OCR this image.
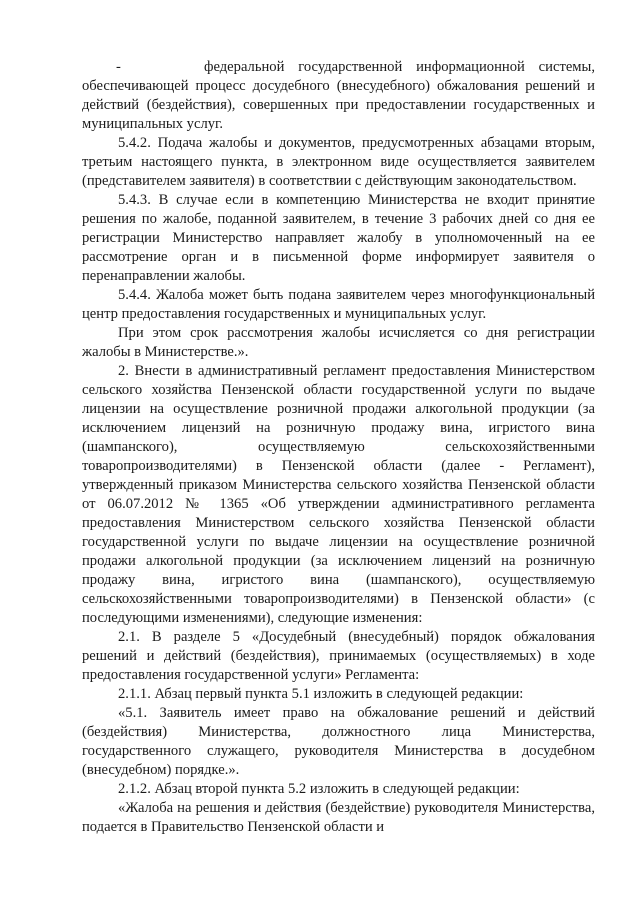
-      федеральной государственной информационной системы, обеспечивающей процесс досудебного (внесудебного) обжалования решений и действий (бездействия), совершенных при предоставлении государственных и муниципальных услуг.

5.4.2. Подача жалобы и документов, предусмотренных абзацами вторым, третьим настоящего пункта, в электронном виде осуществляется заявителем (представителем заявителя) в соответствии с действующим законодательством.

5.4.3. В случае если в компетенцию Министерства не входит принятие решения по жалобе, поданной заявителем, в течение 3 рабочих дней со дня ее регистрации Министерство направляет жалобу в уполномоченный на ее рассмотрение орган и в письменной форме информирует заявителя о перенаправлении жалобы.

5.4.4. Жалоба может быть подана заявителем через многофункциональный центр предоставления государственных и муниципальных услуг.

При этом срок рассмотрения жалобы исчисляется со дня регистрации жалобы в Министерстве.».

2. Внести в административный регламент предоставления Министерством сельского хозяйства Пензенской области государственной услуги по выдаче лицензии на осуществление розничной продажи алкогольной продукции (за исключением лицензий на розничную продажу вина, игристого вина (шампанского), осуществляемую сельскохозяйственными товаропроизводителями) в Пензенской области (далее - Регламент), утвержденный приказом Министерства сельского хозяйства Пензенской области от 06.07.2012 № 1365 «Об утверждении административного регламента предоставления Министерством сельского хозяйства Пензенской области государственной услуги по выдаче лицензии на осуществление розничной продажи алкогольной продукции (за исключением лицензий на розничную продажу вина, игристого вина (шампанского), осуществляемую сельскохозяйственными товаропроизводителями) в Пензенской области» (с последующими изменениями), следующие изменения:

2.1. В разделе 5 «Досудебный (внесудебный) порядок обжалования решений и действий (бездействия), принимаемых (осуществляемых) в ходе предоставления государственной услуги» Регламента:

2.1.1. Абзац первый пункта 5.1 изложить в следующей редакции:

«5.1. Заявитель имеет право на обжалование решений и действий (бездействия) Министерства, должностного лица Министерства, государственного служащего, руководителя Министерства в досудебном (внесудебном) порядке.».

2.1.2. Абзац второй пункта 5.2 изложить в следующей редакции:

«Жалоба на решения и действия (бездействие) руководителя Министерства, подается в Правительство Пензенской области и
